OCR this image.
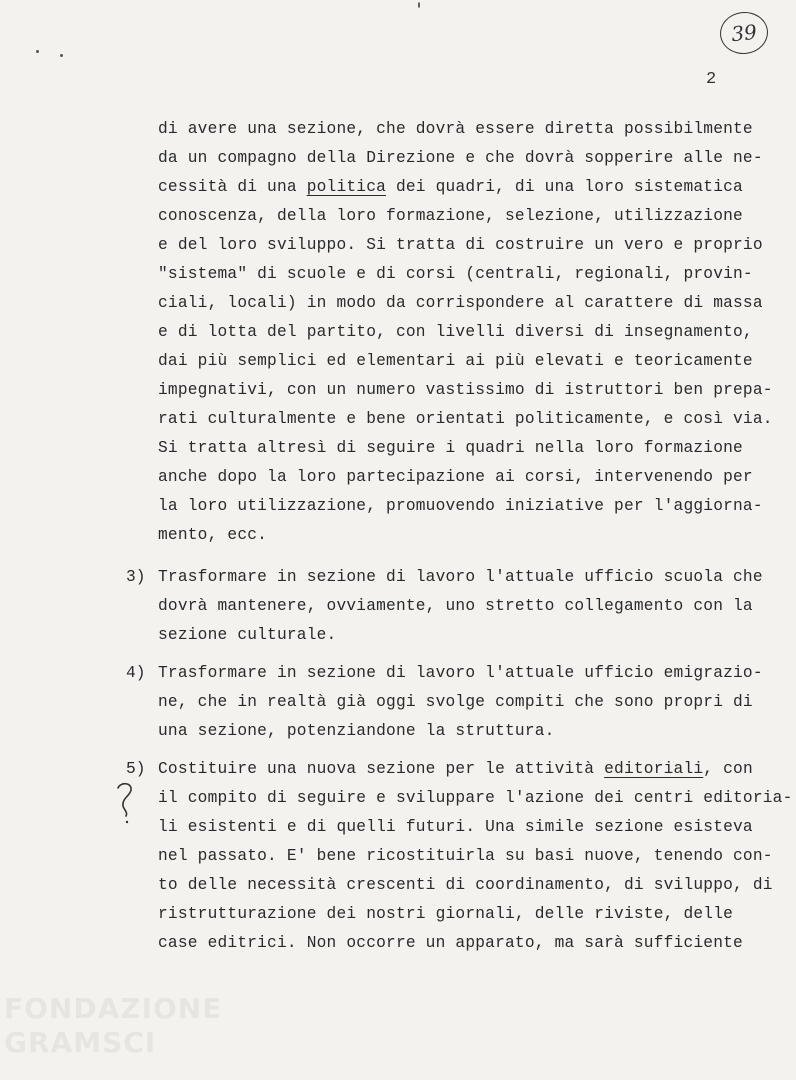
39
2
di avere una sezione, che dovrà essere diretta possibilmente
da un compagno della Direzione e che dovrà sopperire alle ne-
cessità di una politica dei quadri, di una loro sistematica
conoscenza, della loro formazione, selezione, utilizzazione
e del loro sviluppo. Si tratta di costruire un vero e proprio
"sistema" di scuole e di corsi (centrali, regionali, provin-
ciali, locali) in modo da corrispondere al carattere di massa
e di lotta del partito, con livelli diversi di insegnamento,
dai più semplici ed elementari ai più elevati e teoricamente
impegnativi, con un numero vastissimo di istruttori ben prepa-
rati culturalmente e bene orientati politicamente, e così via.
Si tratta altresì di seguire i quadri nella loro formazione
anche dopo la loro partecipazione ai corsi, intervenendo per
la loro utilizzazione, promuovendo iniziative per l'aggiorna-
mento, ecc.
3) Trasformare in sezione di lavoro l'attuale ufficio scuola che
dovrà mantenere, ovviamente, uno stretto collegamento con la
sezione culturale.
4) Trasformare in sezione di lavoro l'attuale ufficio emigrazio-
ne, che in realtà già oggi svolge compiti che sono propri di
una sezione, potenziandone la struttura.
5) Costituire una nuova sezione per le attività editoriali, con
il compito di seguire e sviluppare l'azione dei centri editoria-
li esistenti e di quelli futuri. Una simile sezione esisteva
nel passato. E' bene ricostituirla su basi nuove, tenendo con-
to delle necessità crescenti di coordinamento, di sviluppo, di
ristrutturazione dei nostri giornali, delle riviste, delle
case editrici. Non occorre un apparato, ma sarà sufficiente
FONDAZIONE
GRAMSCI
